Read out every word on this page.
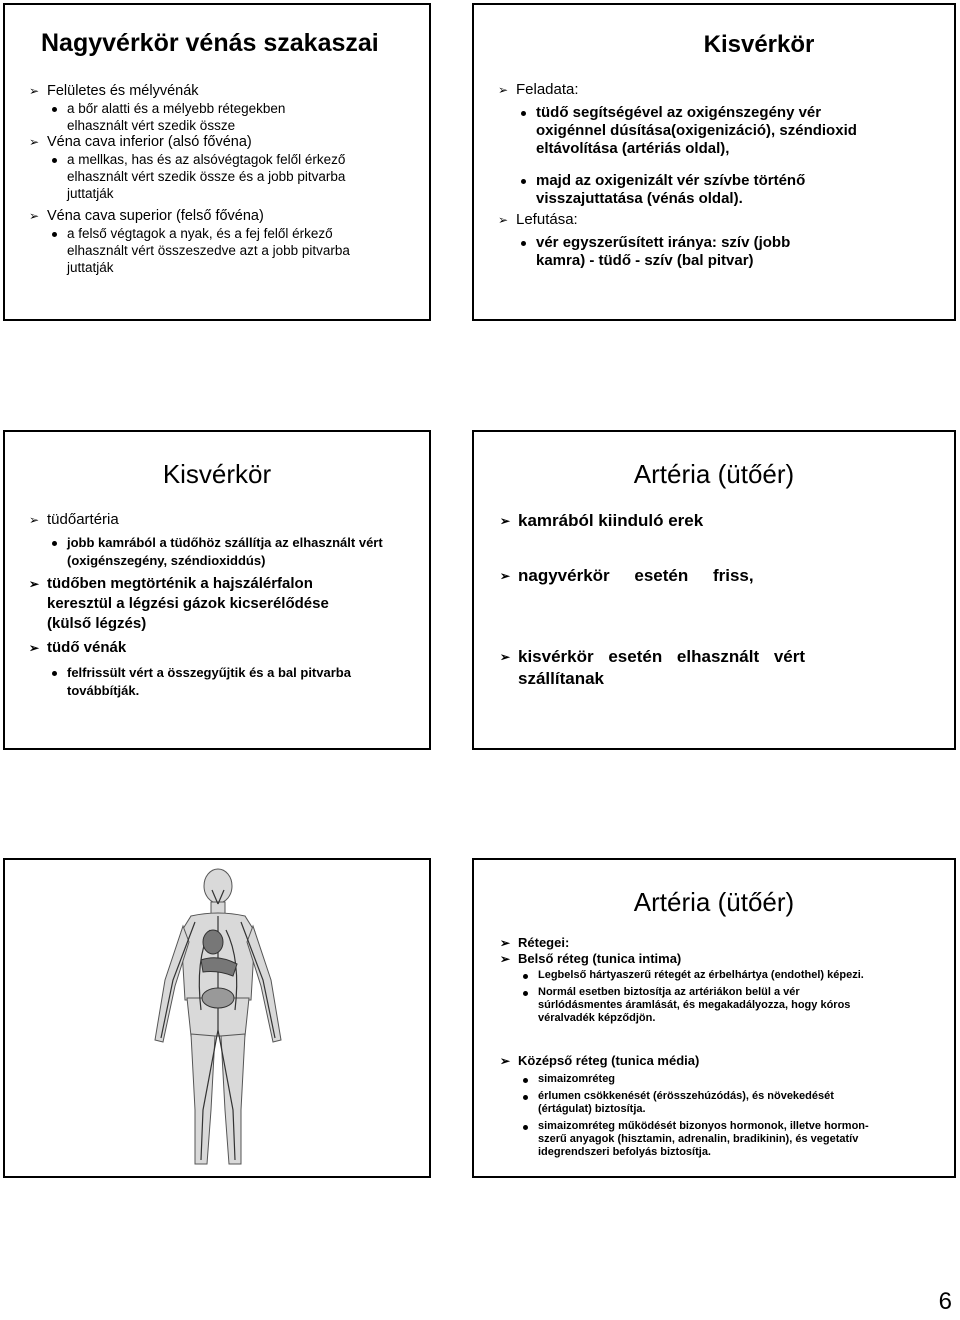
Nagyvérkör vénás szakaszai
➢ Felületes és mélyvénák
a bőr alatti és a mélyebb rétegekben elhasznált vért szedik össze
➢ Véna cava inferior (alsó fővéna)
a mellkas, has és az alsóvégtagok felől érkező elhasznált vért szedik össze és a jobb pitvarba juttatják
➢ Véna cava superior (felső fővéna)
a felső végtagok a nyak, és a fej felől érkező elhasznált vért összeszedve azt a jobb pitvarba juttatják
Kisvérkör
➢ Feladata:
tüdő segítségével az oxigénszegény vér oxigénnel dúsítása(oxigenizáció), széndioxid eltávolítása (artériás oldal),
majd az oxigenizált vér szívbe történő visszajuttatása (vénás oldal).
➢ Lefutása:
vér egyszerűsített iránya: szív (jobb kamra) - tüdő - szív (bal pitvar)
Kisvérkör
➢ tüdőartéria
jobb kamrából a tüdőhöz szállítja az elhasznált vért (oxigénszegény, széndioxiddús)
➢ tüdőben megtörténik a hajszálérfalon keresztül a légzési gázok kicserélődése (külső légzés)
➢ tüdő vénák
felfrissült vért a összegyűjtik és a bal pitvarba továbbítják.
Artéria (ütőér)
➢ kamrából kiinduló erek
➢ nagyvérkör esetén friss,
➢ kisvérkör esetén elhasznált vért szállítanak
Artéria (ütőér)
➢ Rétegei:
➢ Belső réteg (tunica intima)
Legbelső hártyaszerű rétegét az érbelhártya (endothel) képezi.
Normál esetben biztosítja az artériákon belül a vér súrlódásmentes áramlását, és megakadályozza, hogy kóros véralvadék képződjön.
➢ Középső réteg (tunica média)
simaizomréteg
érlumen csökkenését (érösszehúzódás), és növekedését (értágulat) biztosítja.
simaizomréteg működését bizonyos hormonok, illetve hormon-szerű anyagok (hisztamin, adrenalin, bradikinin), és vegetatív idegrendszeri befolyás biztosítja.
6
